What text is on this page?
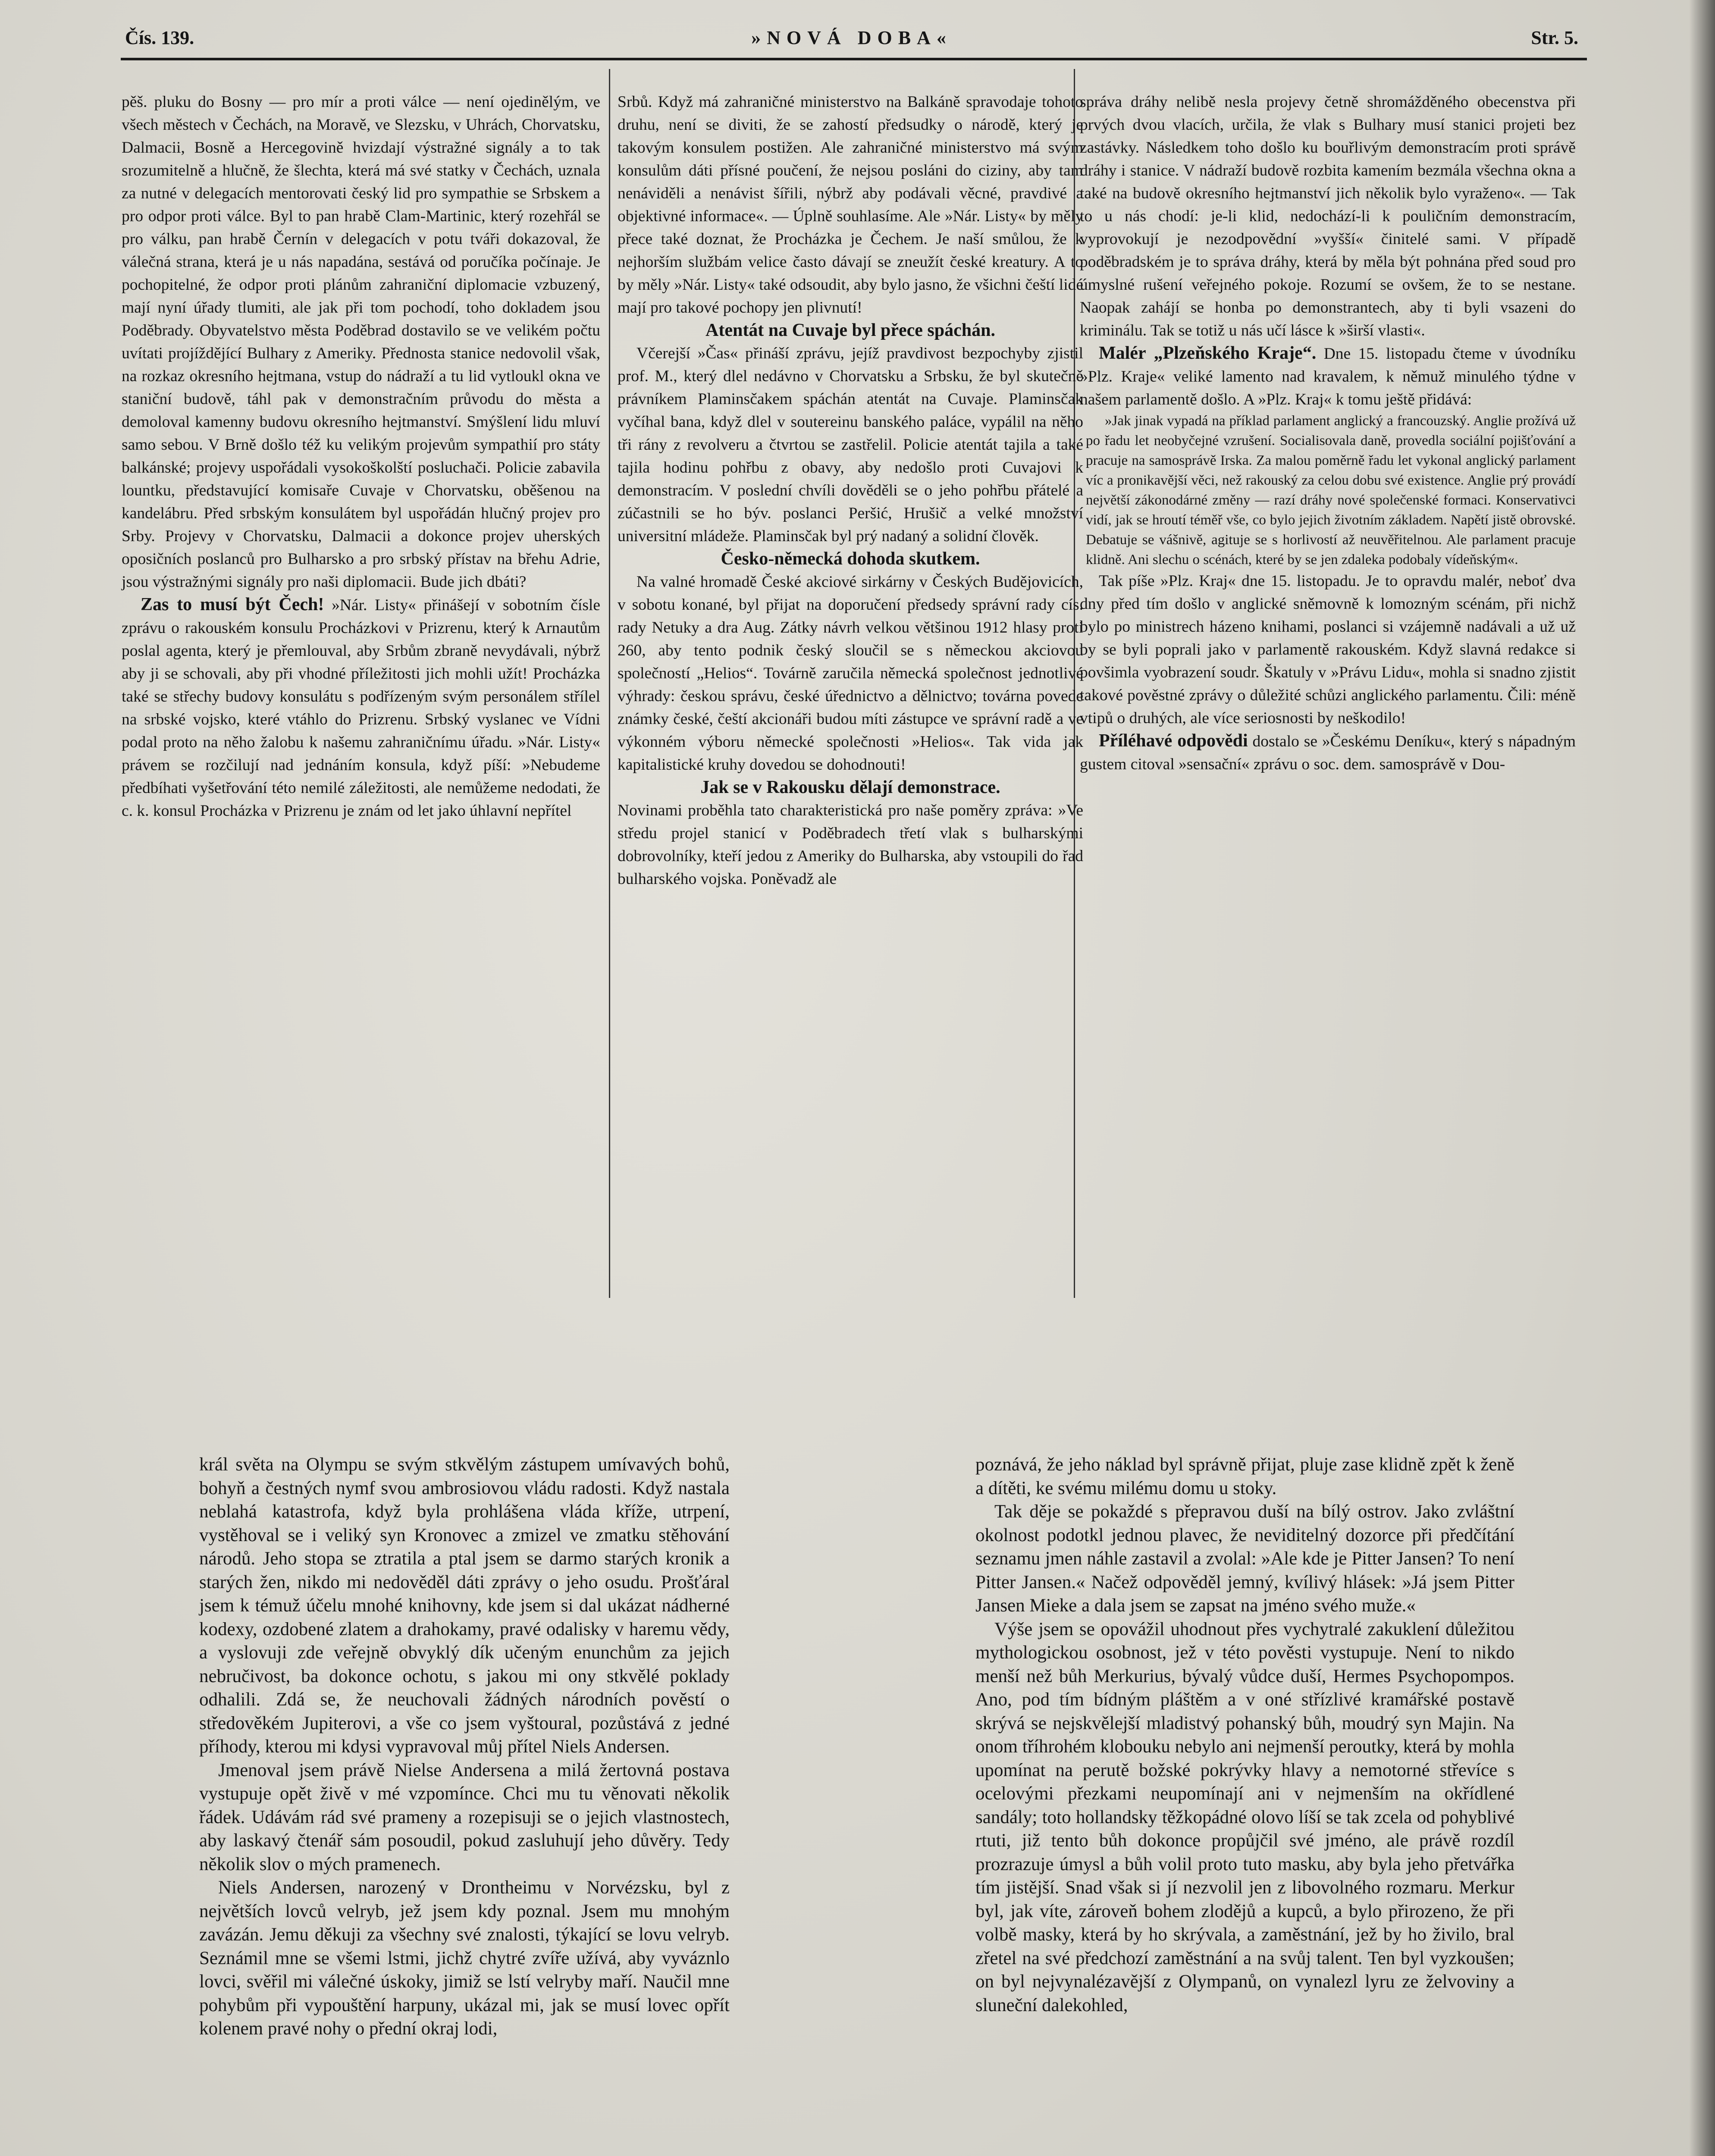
Čís. 139.	»NOVÁ DOBA«	Str. 5.

pěš. pluku do Bosny — pro mír a proti válce — není ojedinělým, ve všech městech v Čechách, na Moravě, ve Slezsku, v Uhrách, Chorvatsku, Dalmacii, Bosně a Hercegovině hvizdají výstražné signály a to tak srozumitelně a hlučně, že šlechta, která má své statky v Čechách, uznala za nutné v delegacích mentorovati český lid pro sympathie se Srbskem a pro odpor proti válce. Byl to pan hrabě Clam-Martinic, který rozehřál se pro válku, pan hrabě Černín v delegacích v potu tváři dokazoval, že válečná strana, která je u nás napadána, sestává od poručíka počínaje. Je pochopitelné, že odpor proti plánům zahraniční diplomacie vzbuzený, mají nyní úřady tlumiti, ale jak při tom pochodí, toho dokladem jsou Poděbrady. Obyvatelstvo města Poděbrad dostavilo se ve velikém počtu uvítati projíždějící Bulhary z Ameriky. Přednosta stanice nedovolil však, na rozkaz okresního hejtmana, vstup do nádraží a tu lid vytloukl okna ve staniční budově, táhl pak v demonstračním průvodu do města a demoloval kamenny budovu okresního hejtmanství. Smýšlení lidu mluví samo sebou. V Brně došlo též ku velikým projevům sympathií pro státy balkánské; projevy uspořádali vysokoškolští posluchači. Policie zabavila lountku, představující komisaře Cuvaje v Chorvatsku, oběšenou na kandelábru. Před srbským konsulátem byl uspořádán hlučný projev pro Srby. Projevy v Chorvatsku, Dalmacii a dokonce projev uherských oposičních poslanců pro Bulharsko a pro srbský přístav na břehu Adrie, jsou výstražnými signály pro naši diplomacii. Bude jich dbáti?

Zas to musí být Čech! »Nár. Listy« přinášejí v sobotním čísle zprávu o rakouském konsulu Procházkovi v Prizrenu, který k Arnautům poslal agenta, který je přemlouval, aby Srbům zbraně nevydávali, nýbrž aby ji se schovali, aby při vhodné příležitosti jich mohli užít! Procházka také se střechy budovy konsulátu s podřízeným svým personálem střílel na srbské vojsko, které vtáhlo do Prizrenu. Srbský vyslanec ve Vídni podal proto na něho žalobu k našemu zahraničnímu úřadu. »Nár. Listy« právem se rozčilují nad jednáním konsula, když píší: »Nebudeme předbíhati vyšetřování této nemilé záležitosti, ale nemůžeme nedodati, že c. k. konsul Procházka v Prizrenu je znám od let jako úhlavní nepřítel

Srbů. Když má zahraničné ministerstvo na Balkáně spravodaje tohoto druhu, není se diviti, že se zahostí předsudky o národě, který je takovým konsulem postižen. Ale zahraničné ministerstvo má svým konsulům dáti přísné poučení, že nejsou posláni do ciziny, aby tam nenáviděli a nenávist šířili, nýbrž aby podávali věcné, pravdivé a objektivné informace«. — Úplně souhlasíme. Ale »Nár. Listy« by měly přece také doznat, že Procházka je Čechem. Je naší smůlou, že k nejhorším službám velice často dávají se zneužít české kreatury. A to by měly »Nár. Listy« také odsoudit, aby bylo jasno, že všichni čeští lidé mají pro takové pochopy jen plivnutí!

Atentát na Cuvaje byl přece spáchán.

Včerejší »Čas« přináší zprávu, jejíž pravdivost bezpochyby zjistil prof. M., který dlel nedávno v Chorvatsku a Srbsku, že byl skutečně právníkem Plaminsčakem spáchán atentát na Cuvaje. Plaminsčak vyčíhal bana, když dlel v soutereinu banského paláce, vypálil na něho tři rány z revolveru a čtvrtou se zastřelil. Policie atentát tajila a také tajila hodinu pohřbu z obavy, aby nedošlo proti Cuvajovi k demonstracím. V poslední chvíli dověděli se o jeho pohřbu přátelé a zúčastnili se ho býv. poslanci Peršić, Hrušič a velké množství universitní mládeže. Plaminsčak byl prý nadaný a solidní člověk.

Česko-německá dohoda skutkem.

Na valné hromadě České akciové sirkárny v Českých Budějovicích, v sobotu konané, byl přijat na doporučení předsedy správní rady cís. rady Netuky a dra Aug. Zátky návrh velkou většinou 1912 hlasy proti 260, aby tento podnik český sloučil se s německou akciovou společností „Helios“. Továrně zaručila německá společnost jednotlivé výhrady: českou správu, české úřednictvo a dělnictvo; továrna povede známky české, čeští akcionáři budou míti zástupce ve správní radě a ve výkonném výboru německé společnosti »Helios«. Tak vida jak kapitalistické kruhy dovedou se dohodnouti!

Jak se v Rakousku dělají demonstrace.

Novinami proběhla tato charakteristická pro naše poměry zpráva: »Ve středu projel stanicí v Poděbradech třetí vlak s bulharskými dobrovolníky, kteří jedou z Ameriky do Bulharska, aby vstoupili do řad bulharského vojska. Poněvadž ale

správa dráhy nelibě nesla projevy četně shromážděného obecenstva při prvých dvou vlacích, určila, že vlak s Bulhary musí stanici projeti bez zastávky. Následkem toho došlo ku bouřlivým demonstracím proti správě dráhy i stanice. V nádraží budově rozbita kamením bezmála všechna okna a také na budově okresního hejtmanství jich několik bylo vyraženo«. — Tak to u nás chodí: je-li klid, nedochází-li k pouličním demonstracím, vyprovokují je nezodpovědní »vyšší« činitelé sami. V případě poděbradském je to správa dráhy, která by měla být pohnána před soud pro úmyslné rušení veřejného pokoje. Rozumí se ovšem, že to se nestane. Naopak zahájí se honba po demonstrantech, aby ti byli vsazeni do kriminálu. Tak se totiž u nás učí lásce k »širší vlasti«.

Malér „Plzeňského Kraje“. Dne 15. listopadu čteme v úvodníku »Plz. Kraje« veliké lamento nad kravalem, k němuž minulého týdne v našem parlamentě došlo. A »Plz. Kraj« k tomu ještě přidává:

»Jak jinak vypadá na příklad parlament anglický a francouzský. Anglie prožívá už po řadu let neobyčejné vzrušení. Socialisovala daně, provedla sociální pojišťování a pracuje na samosprávě Irska. Za malou poměrně řadu let vykonal anglický parlament víc a pronikavější věci, než rakouský za celou dobu své existence. Anglie prý provádí největší zákonodárné změny — razí dráhy nové společenské formaci. Konservativci vidí, jak se hroutí téměř vše, co bylo jejich životním základem. Napětí jistě obrovské. Debatuje se vášnivě, agituje se s horlivostí až neuvěřitelnou. Ale parlament pracuje klidně. Ani slechu o scénách, které by se jen zdaleka podobaly vídeňským«.

Tak píše »Plz. Kraj« dne 15. listopadu. Je to opravdu malér, neboť dva dny před tím došlo v anglické sněmovně k lomozným scénám, při nichž bylo po ministrech házeno knihami, poslanci si vzájemně nadávali a už už by se byli poprali jako v parlamentě rakouském. Když slavná redakce si povšimla vyobrazení soudr. Škatuly v »Právu Lidu«, mohla si snadno zjistit takové pověstné zprávy o důležité schůzi anglického parlamentu. Čili: méně vtipů o druhých, ale více seriosnosti by neškodilo!

Příléhavé odpovědi dostalo se »Českému Deníku«, který s nápadným gustem citoval »sensační« zprávu o soc. dem. samosprávě v Dou-

král světa na Olympu se svým stkvělým zástupem umívavých bohů, bohyň a čestných nymf svou ambrosiovou vládu radosti. Když nastala neblahá katastrofa, když byla prohlášena vláda kříže, utrpení, vystěhoval se i veliký syn Kronovec a zmizel ve zmatku stěhování národů. Jeho stopa se ztratila a ptal jsem se darmo starých kronik a starých žen, nikdo mi nedověděl dáti zprávy o jeho osudu. Prošťáral jsem k témuž účelu mnohé knihovny, kde jsem si dal ukázat nádherné kodexy, ozdobené zlatem a drahokamy, pravé odalisky v haremu vědy, a vyslovuji zde veřejně obvyklý dík učeným enunchům za jejich nebručivost, ba dokonce ochotu, s jakou mi ony stkvělé poklady odhalili. Zdá se, že neuchovali žádných národních pověstí o středověkém Jupiterovi, a vše co jsem vyštoural, pozůstává z jedné příhody, kterou mi kdysi vypravoval můj přítel Niels Andersen.

Jmenoval jsem právě Nielse Andersena a milá žertovná postava vystupuje opět živě v mé vzpomínce. Chci mu tu věnovati několik řádek. Udávám rád své prameny a rozepisuji se o jejich vlastnostech, aby laskavý čtenář sám posoudil, pokud zasluhují jeho důvěry. Tedy několik slov o mých pramenech.

Niels Andersen, narozený v Drontheimu v Norvézsku, byl z největších lovců velryb, jež jsem kdy poznal. Jsem mu mnohým zavázán. Jemu děkuji za všechny své znalosti, týkající se lovu velryb. Seznámil mne se všemi lstmi, jichž chytré zvíře užívá, aby vyváznlo lovci, svěřil mi válečné úskoky, jimiž se lstí velryby maří. Naučil mne pohybům při vypouštění harpuny, ukázal mi, jak se musí lovec opřít kolenem pravé nohy o přední okraj lodi,

poznává, že jeho náklad byl správně přijat, pluje zase klidně zpět k ženě a dítěti, ke svému milému domu u stoky.

Tak děje se pokaždé s přepravou duší na bílý ostrov. Jako zvláštní okolnost podotkl jednou plavec, že neviditelný dozorce při předčítání seznamu jmen náhle zastavil a zvolal: »Ale kde je Pitter Jansen? To není Pitter Jansen.« Načež odpověděl jemný, kvílivý hlásek: »Já jsem Pitter Jansen Mieke a dala jsem se zapsat na jméno svého muže.«

Výše jsem se opovážil uhodnout přes vychytralé zakuklení důležitou mythologickou osobnost, jež v této pověsti vystupuje. Není to nikdo menší než bůh Merkurius, bývalý vůdce duší, Hermes Psychopompos. Ano, pod tím bídným pláštěm a v oné střízlivé kramářské postavě skrývá se nejskvělejší mladistvý pohanský bůh, moudrý syn Majin. Na onom tříhrohém klobouku nebylo ani nejmenší peroutky, která by mohla upomínat na perutě božské pokrývky hlavy a nemotorné střevíce s ocelovými přezkami neupomínají ani v nejmenším na okřídlené sandály; toto hollandsky těžkopádné olovo líší se tak zcela od pohyblivé rtuti, již tento bůh dokonce propůjčil své jméno, ale právě rozdíl prozrazuje úmysl a bůh volil proto tuto masku, aby byla jeho přetvářka tím jistější. Snad však si jí nezvolil jen z libovolného rozmaru. Merkur byl, jak víte, zároveň bohem zlodějů a kupců, a bylo přirozeno, že při volbě masky, která by ho skrývala, a zaměstnání, jež by ho živilo, bral zřetel na své předchozí zaměstnání a na svůj talent. Ten byl vyzkoušen; on byl nejvynalézavější z Olympanů, on vynalezl lyru ze želvoviny a sluneční dalekohled,
